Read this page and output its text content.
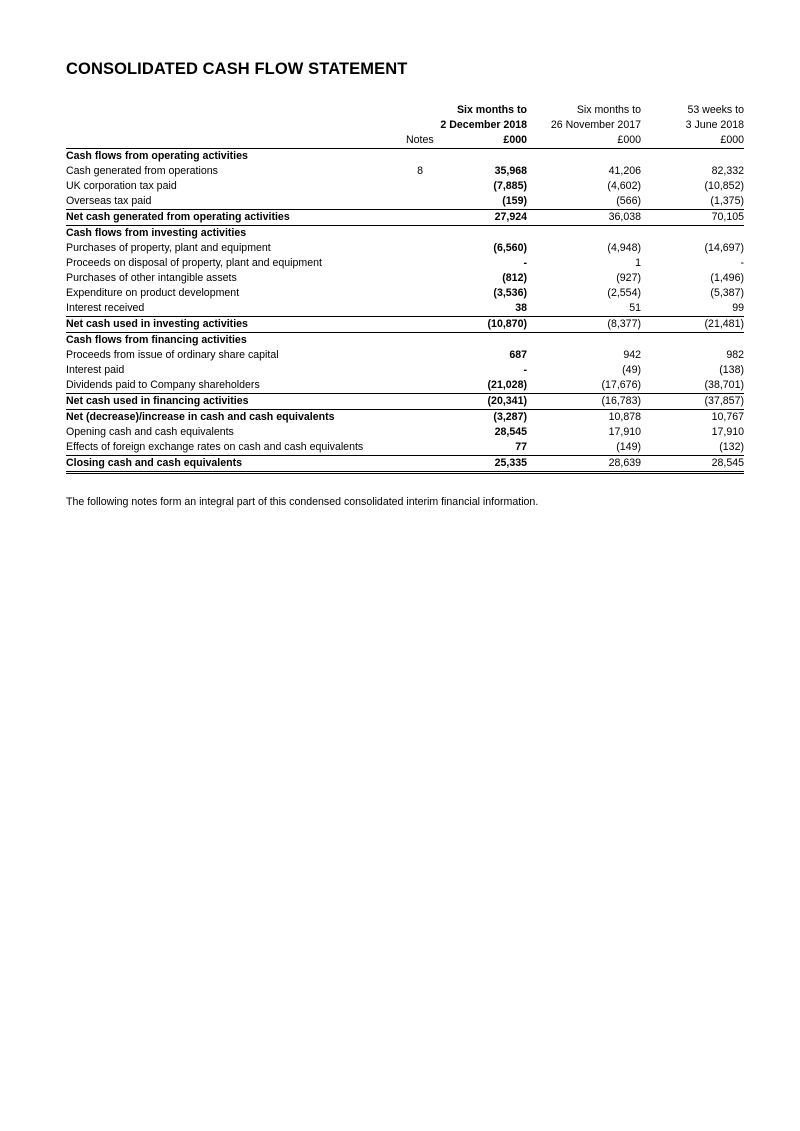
CONSOLIDATED CASH FLOW STATEMENT
		Six months to	Six months to	53 weeks to
		2 December 2018	26 November 2017	3 June 2018
	Notes	£000	£000	£000
Cash flows from operating activities				
Cash generated from operations	8	35,968	41,206	82,332
UK corporation tax paid		(7,885)	(4,602)	(10,852)
Overseas tax paid		(159)	(566)	(1,375)
Net cash generated from operating activities		27,924	36,038	70,105
Cash flows from investing activities				
Purchases of property, plant and equipment		(6,560)	(4,948)	(14,697)
Proceeds on disposal of property, plant and equipment		-	1	-
Purchases of other intangible assets		(812)	(927)	(1,496)
Expenditure on product development		(3,536)	(2,554)	(5,387)
Interest received		38	51	99
Net cash used in investing activities		(10,870)	(8,377)	(21,481)
Cash flows from financing activities				
Proceeds from issue of ordinary share capital		687	942	982
Interest paid		-	(49)	(138)
Dividends paid to Company shareholders		(21,028)	(17,676)	(38,701)
Net cash used in financing activities		(20,341)	(16,783)	(37,857)
Net (decrease)/increase in cash and cash equivalents		(3,287)	10,878	10,767
Opening cash and cash equivalents		28,545	17,910	17,910
Effects of foreign exchange rates on cash and cash equivalents		77	(149)	(132)
Closing cash and cash equivalents		25,335	28,639	28,545

The following notes form an integral part of this condensed consolidated interim financial information.
